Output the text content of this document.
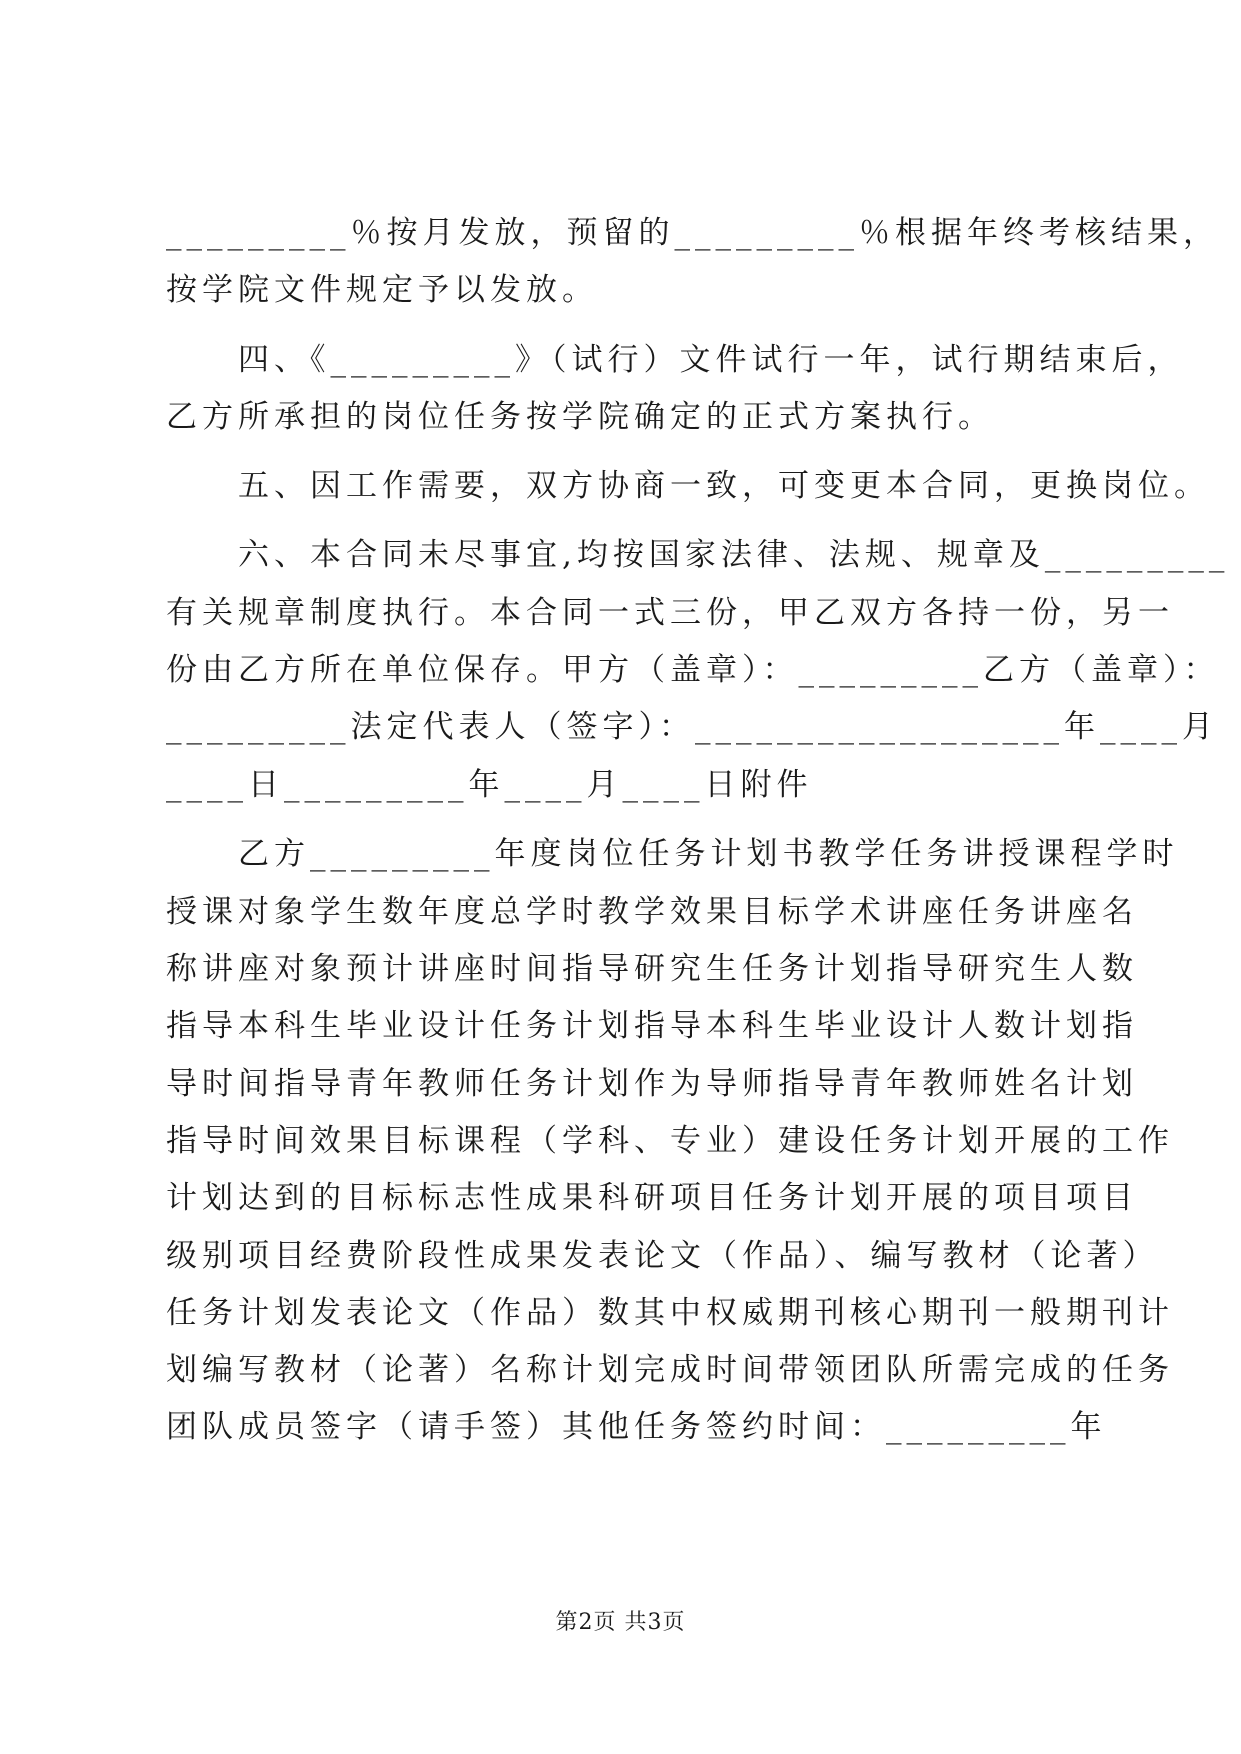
_________％按月发放，预留的_________％根据年终考核结果，
按学院文件规定予以发放。
　　四、《_________》（试行）文件试行一年，试行期结束后，
乙方所承担的岗位任务按学院确定的正式方案执行。
　　五、因工作需要，双方协商一致，可变更本合同，更换岗位。
　　六、本合同未尽事宜,均按国家法律、法规、规章及_________
有关规章制度执行。本合同一式三份，甲乙双方各持一份，另一
份由乙方所在单位保存。甲方（盖章）：_________乙方（盖章）：
_________法定代表人（签字）：__________________年____月
____日_________年____月____日附件
　　乙方_________年度岗位任务计划书教学任务讲授课程学时
授课对象学生数年度总学时教学效果目标学术讲座任务讲座名
称讲座对象预计讲座时间指导研究生任务计划指导研究生人数
指导本科生毕业设计任务计划指导本科生毕业设计人数计划指
导时间指导青年教师任务计划作为导师指导青年教师姓名计划
指导时间效果目标课程（学科、专业）建设任务计划开展的工作
计划达到的目标标志性成果科研项目任务计划开展的项目项目
级别项目经费阶段性成果发表论文（作品）、编写教材（论著）
任务计划发表论文（作品）数其中权威期刊核心期刊一般期刊计
划编写教材（论著）名称计划完成时间带领团队所需完成的任务
团队成员签字（请手签）其他任务签约时间：_________年
第2页 共3页
